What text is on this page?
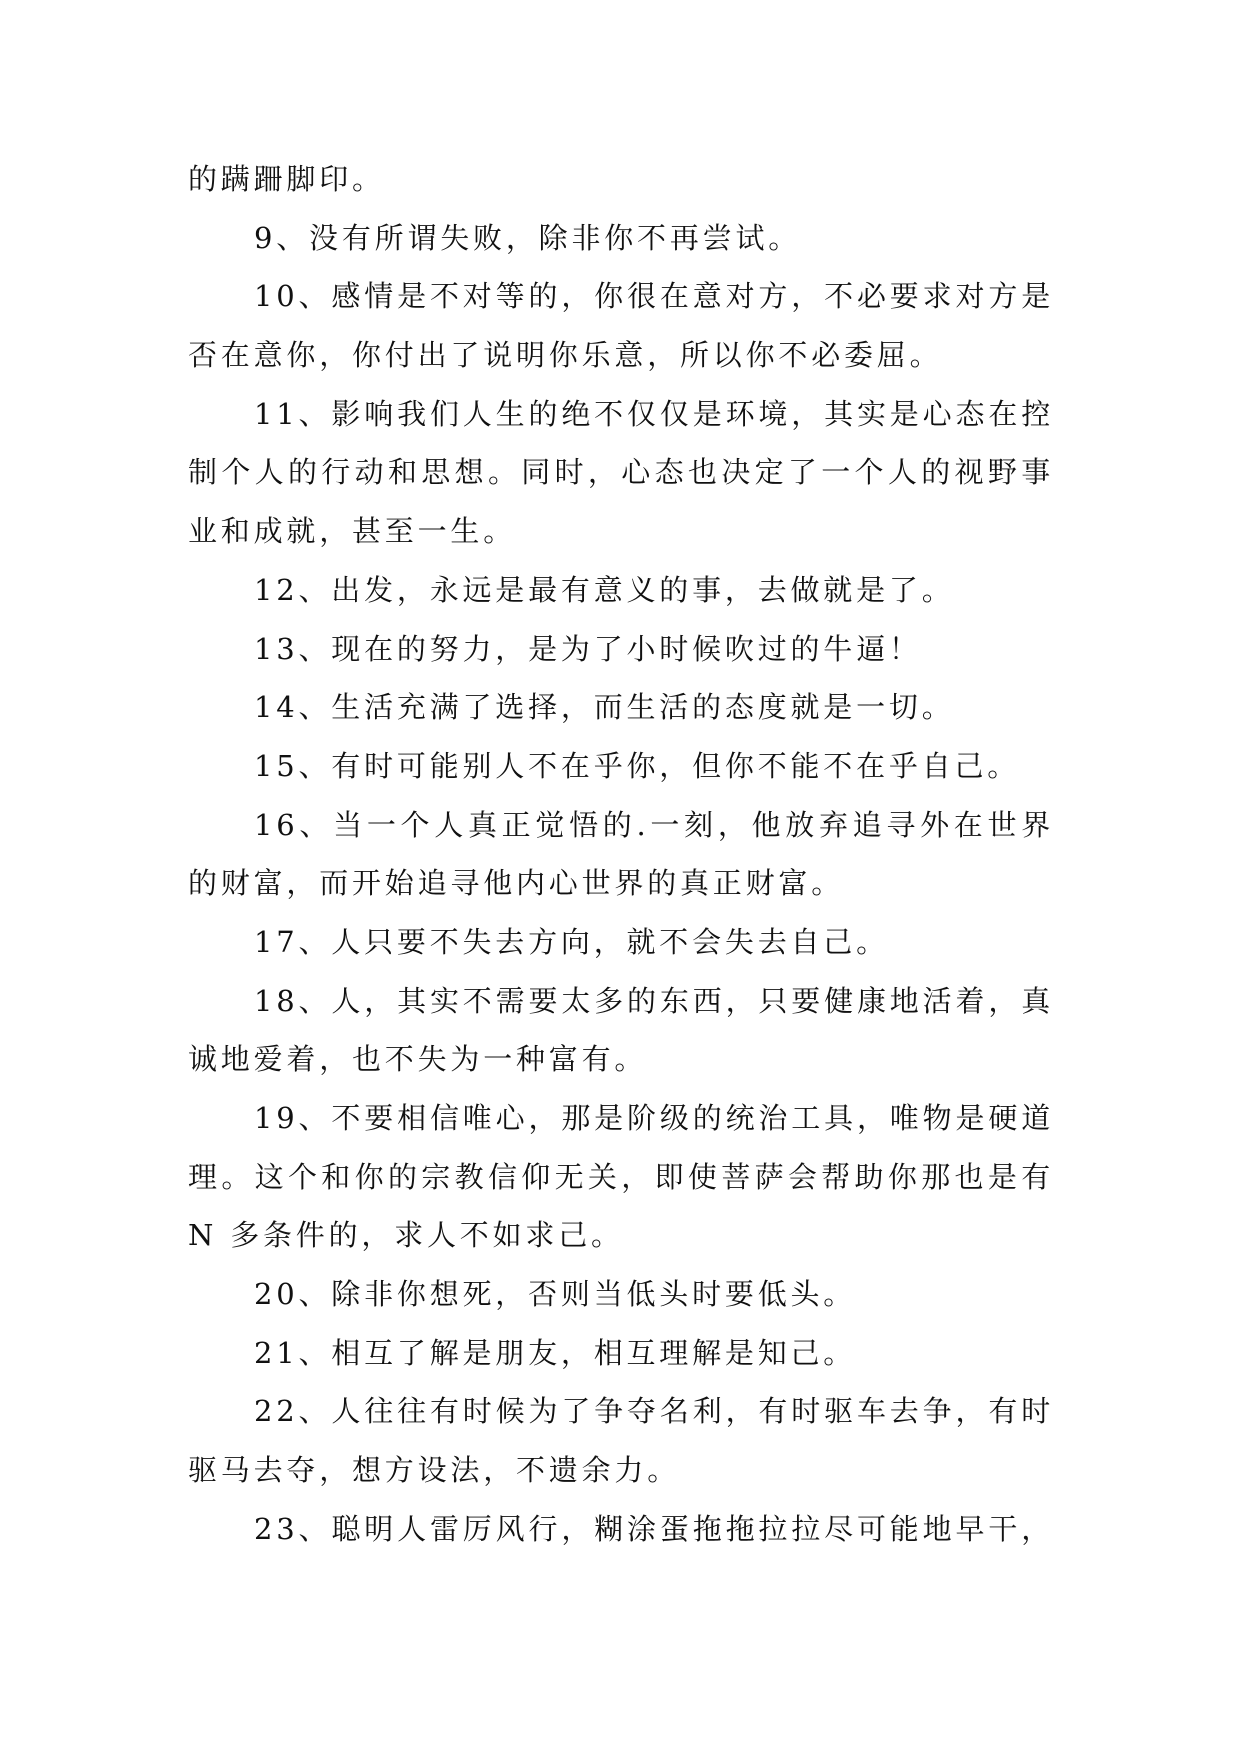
的蹒跚脚印。
9、没有所谓失败，除非你不再尝试。
10、感情是不对等的，你很在意对方，不必要求对方是
否在意你，你付出了说明你乐意，所以你不必委屈。
11、影响我们人生的绝不仅仅是环境，其实是心态在控
制个人的行动和思想。同时，心态也决定了一个人的视野事
业和成就，甚至一生。
12、出发，永远是最有意义的事，去做就是了。
13、现在的努力，是为了小时候吹过的牛逼！
14、生活充满了选择，而生活的态度就是一切。
15、有时可能别人不在乎你，但你不能不在乎自己。
16、当一个人真正觉悟的.一刻，他放弃追寻外在世界
的财富，而开始追寻他内心世界的真正财富。
17、人只要不失去方向，就不会失去自己。
18、人，其实不需要太多的东西，只要健康地活着，真
诚地爱着，也不失为一种富有。
19、不要相信唯心，那是阶级的统治工具，唯物是硬道
理。这个和你的宗教信仰无关，即使菩萨会帮助你那也是有
N 多条件的，求人不如求己。
20、除非你想死，否则当低头时要低头。
21、相互了解是朋友，相互理解是知己。
22、人往往有时候为了争夺名利，有时驱车去争，有时
驱马去夺，想方设法，不遗余力。
23、聪明人雷厉风行，糊涂蛋拖拖拉拉尽可能地早干，
